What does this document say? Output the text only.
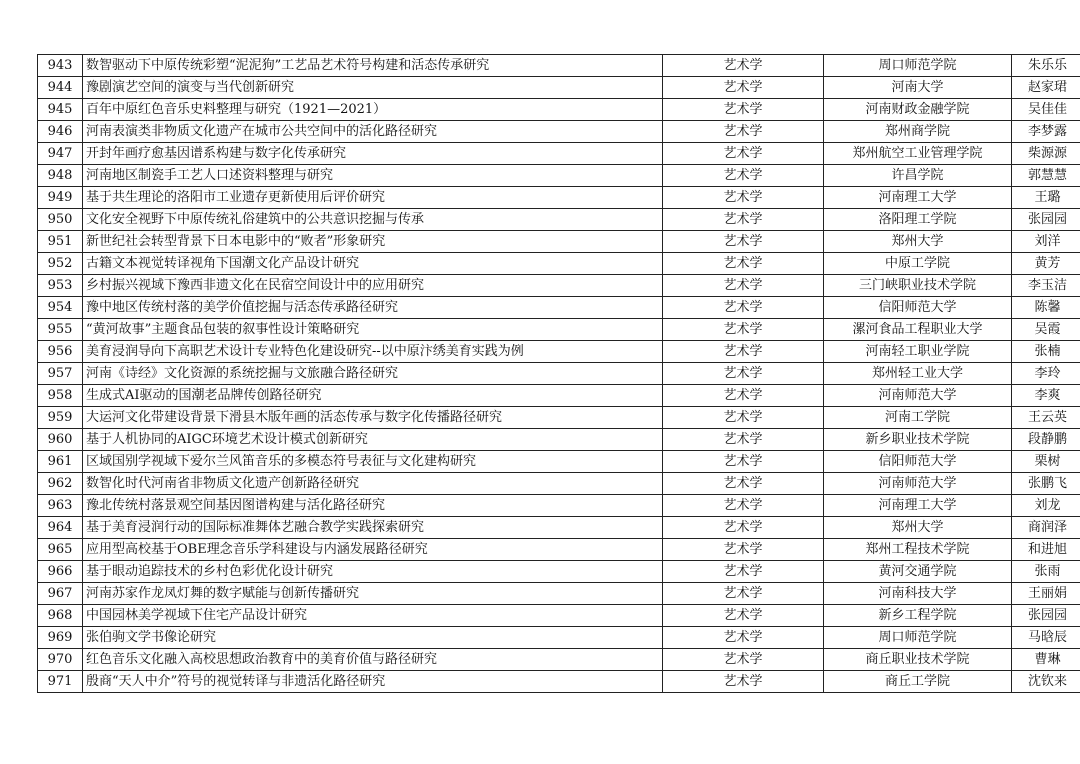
943	数智驱动下中原传统彩塑“泥泥狗”工艺品艺术符号构建和活态传承研究	艺术学	周口师范学院	朱乐乐
944	豫剧演艺空间的演变与当代创新研究	艺术学	河南大学	赵家珺
945	百年中原红色音乐史料整理与研究（1921—2021）	艺术学	河南财政金融学院	吴佳佳
946	河南表演类非物质文化遗产在城市公共空间中的活化路径研究	艺术学	郑州商学院	李梦露
947	开封年画疗愈基因谱系构建与数字化传承研究	艺术学	郑州航空工业管理学院	柴源源
948	河南地区制瓷手工艺人口述资料整理与研究	艺术学	许昌学院	郭慧慧
949	基于共生理论的洛阳市工业遗存更新使用后评价研究	艺术学	河南理工大学	王璐
950	文化安全视野下中原传统礼俗建筑中的公共意识挖掘与传承	艺术学	洛阳理工学院	张园园
951	新世纪社会转型背景下日本电影中的“败者”形象研究	艺术学	郑州大学	刘洋
952	古籍文本视觉转译视角下国潮文化产品设计研究	艺术学	中原工学院	黄芳
953	乡村振兴视域下豫西非遗文化在民宿空间设计中的应用研究	艺术学	三门峡职业技术学院	李玉洁
954	豫中地区传统村落的美学价值挖掘与活态传承路径研究	艺术学	信阳师范大学	陈馨
955	“黄河故事”主题食品包装的叙事性设计策略研究	艺术学	漯河食品工程职业大学	吴霞
956	美育浸润导向下高职艺术设计专业特色化建设研究--以中原汴绣美育实践为例	艺术学	河南轻工职业学院	张楠
957	河南《诗经》文化资源的系统挖掘与文旅融合路径研究	艺术学	郑州轻工业大学	李玲
958	生成式AI驱动的国潮老品牌传创路径研究	艺术学	河南师范大学	李爽
959	大运河文化带建设背景下滑县木版年画的活态传承与数字化传播路径研究	艺术学	河南工学院	王云英
960	基于人机协同的AIGC环境艺术设计模式创新研究	艺术学	新乡职业技术学院	段静鹏
961	区域国别学视域下爱尔兰风笛音乐的多模态符号表征与文化建构研究	艺术学	信阳师范大学	栗树
962	数智化时代河南省非物质文化遗产创新路径研究	艺术学	河南师范大学	张鹏飞
963	豫北传统村落景观空间基因图谱构建与活化路径研究	艺术学	河南理工大学	刘龙
964	基于美育浸润行动的国际标准舞体艺融合教学实践探索研究	艺术学	郑州大学	商润泽
965	应用型高校基于OBE理念音乐学科建设与内涵发展路径研究	艺术学	郑州工程技术学院	和进旭
966	基于眼动追踪技术的乡村色彩优化设计研究	艺术学	黄河交通学院	张雨
967	河南苏家作龙凤灯舞的数字赋能与创新传播研究	艺术学	河南科技大学	王丽娟
968	中国园林美学视域下住宅产品设计研究	艺术学	新乡工程学院	张园园
969	张伯驹文学书像论研究	艺术学	周口师范学院	马晗辰
970	红色音乐文化融入高校思想政治教育中的美育价值与路径研究	艺术学	商丘职业技术学院	曹琳
971	殷商“天人中介”符号的视觉转译与非遗活化路径研究	艺术学	商丘工学院	沈钦来
